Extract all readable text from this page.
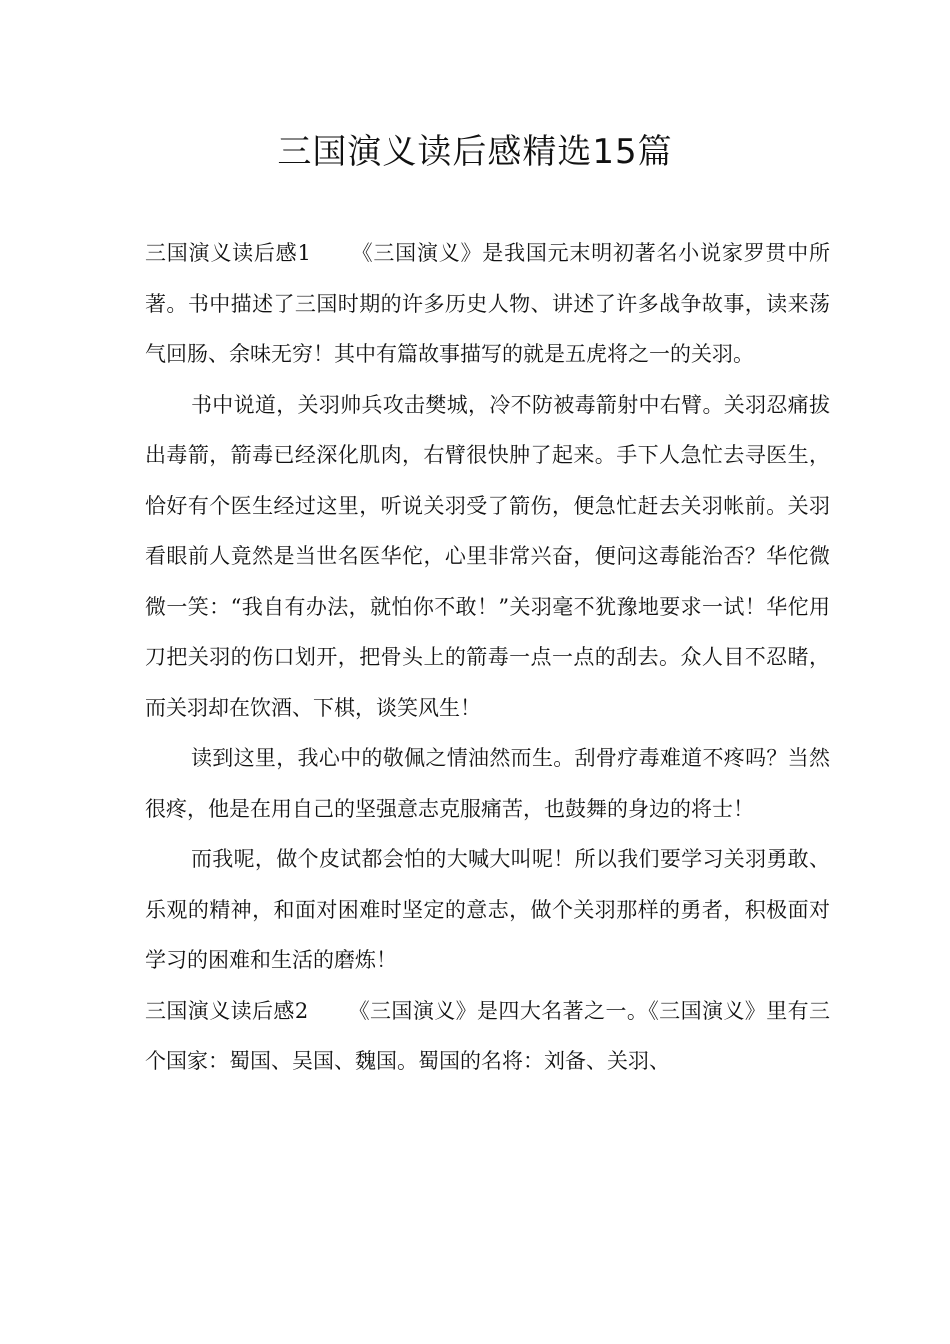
三国演义读后感精选15篇

三国演义读后感1 《三国演义》是我国元末明初著名小说家罗贯中所著。书中描述了三国时期的许多历史人物、讲述了许多战争故事，读来荡气回肠、余味无穷！其中有篇故事描写的就是五虎将之一的关羽。

书中说道，关羽帅兵攻击樊城，冷不防被毒箭射中右臂。关羽忍痛拔出毒箭，箭毒已经深化肌肉，右臂很快肿了起来。手下人急忙去寻医生，恰好有个医生经过这里，听说关羽受了箭伤，便急忙赶去关羽帐前。关羽看眼前人竟然是当世名医华佗，心里非常兴奋，便问这毒能治否？华佗微微一笑：“我自有办法，就怕你不敢！”关羽毫不犹豫地要求一试！华佗用刀把关羽的伤口划开，把骨头上的箭毒一点一点的刮去。众人目不忍睹，而关羽却在饮酒、下棋，谈笑风生！

读到这里，我心中的敬佩之情油然而生。刮骨疗毒难道不疼吗？当然很疼，他是在用自己的坚强意志克服痛苦，也鼓舞的身边的将士！

而我呢，做个皮试都会怕的大喊大叫呢！所以我们要学习关羽勇敢、乐观的精神，和面对困难时坚定的意志，做个关羽那样的勇者，积极面对学习的困难和生活的磨炼！

三国演义读后感2 《三国演义》是四大名著之一。《三国演义》里有三个国家：蜀国、吴国、魏国。蜀国的名将：刘备、关羽、
